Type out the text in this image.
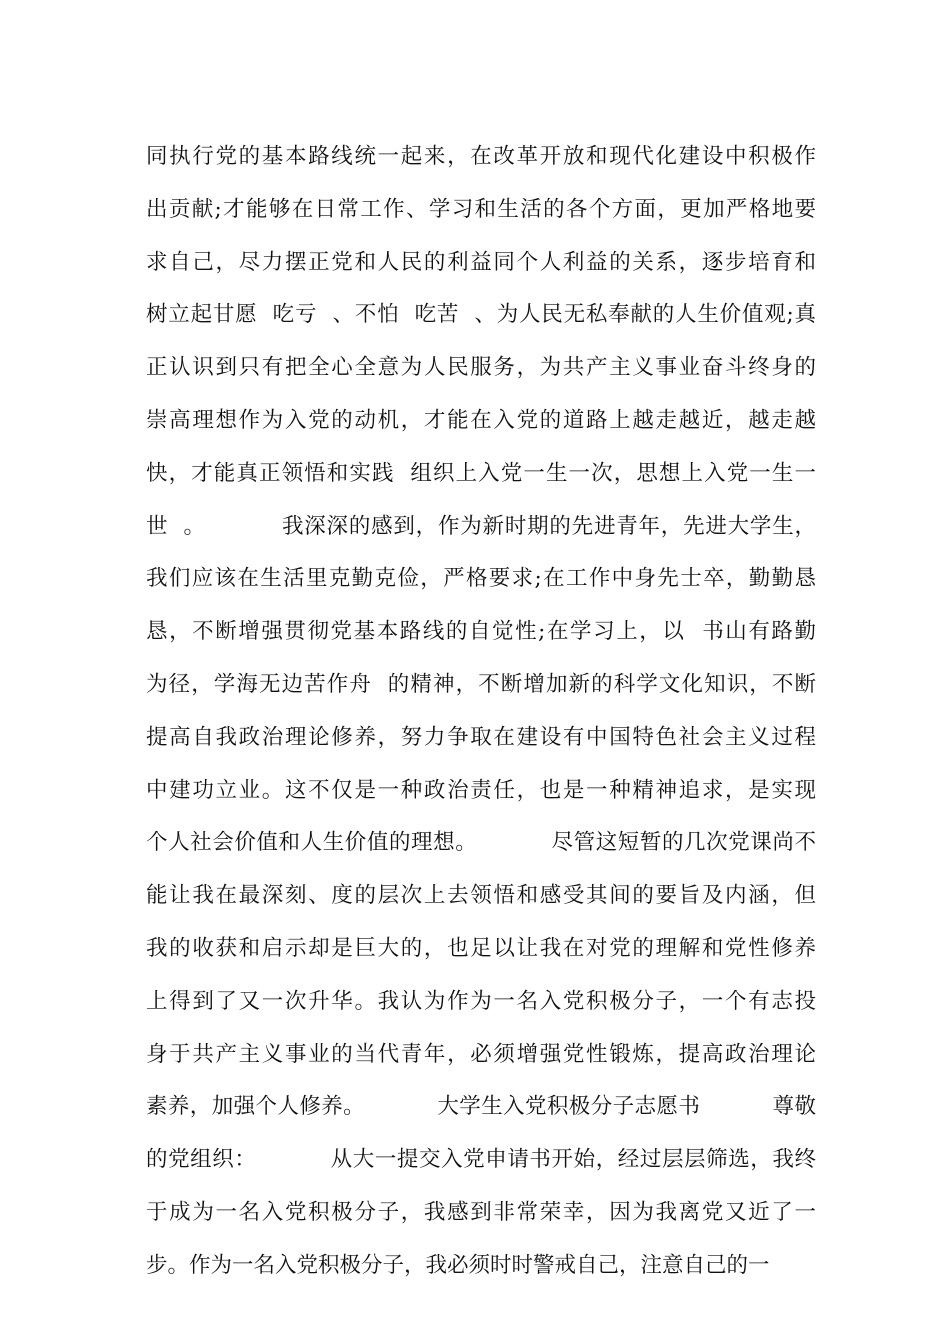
同执行党的基本路线统一起来，在改革开放和现代化建设中积极作
出贡献;才能够在日常工作、学习和生活的各个方面，更加严格地要
求自己，尽力摆正党和人民的利益同个人利益的关系，逐步培育和
树立起甘愿  吃亏  、不怕  吃苦  、为人民无私奉献的人生价值观;真
正认识到只有把全心全意为人民服务，为共产主义事业奋斗终身的
崇高理想作为入党的动机，才能在入党的道路上越走越近，越走越
快，才能真正领悟和实践  组织上入党一生一次，思想上入党一生一
世  。          我深深的感到，作为新时期的先进青年，先进大学生，
我们应该在生活里克勤克俭，严格要求;在工作中身先士卒，勤勤恳
恳，不断增强贯彻党基本路线的自觉性;在学习上，以  书山有路勤
为径，学海无边苦作舟  的精神，不断增加新的科学文化知识，不断
提高自我政治理论修养，努力争取在建设有中国特色社会主义过程
中建功立业。这不仅是一种政治责任，也是一种精神追求，是实现
个人社会价值和人生价值的理想。          尽管这短暂的几次党课尚不
能让我在最深刻、度的层次上去领悟和感受其间的要旨及内涵，但
我的收获和启示却是巨大的，也足以让我在对党的理解和党性修养
上得到了又一次升华。我认为作为一名入党积极分子，一个有志投
身于共产主义事业的当代青年，必须增强党性锻炼，提高政治理论
素养，加强个人修养。          大学生入党积极分子志愿书          尊敬
的党组织：          从大一提交入党申请书开始，经过层层筛选，我终
于成为一名入党积极分子，我感到非常荣幸，因为我离党又近了一
步。作为一名入党积极分子，我必须时时警戒自己，注意自己的一
